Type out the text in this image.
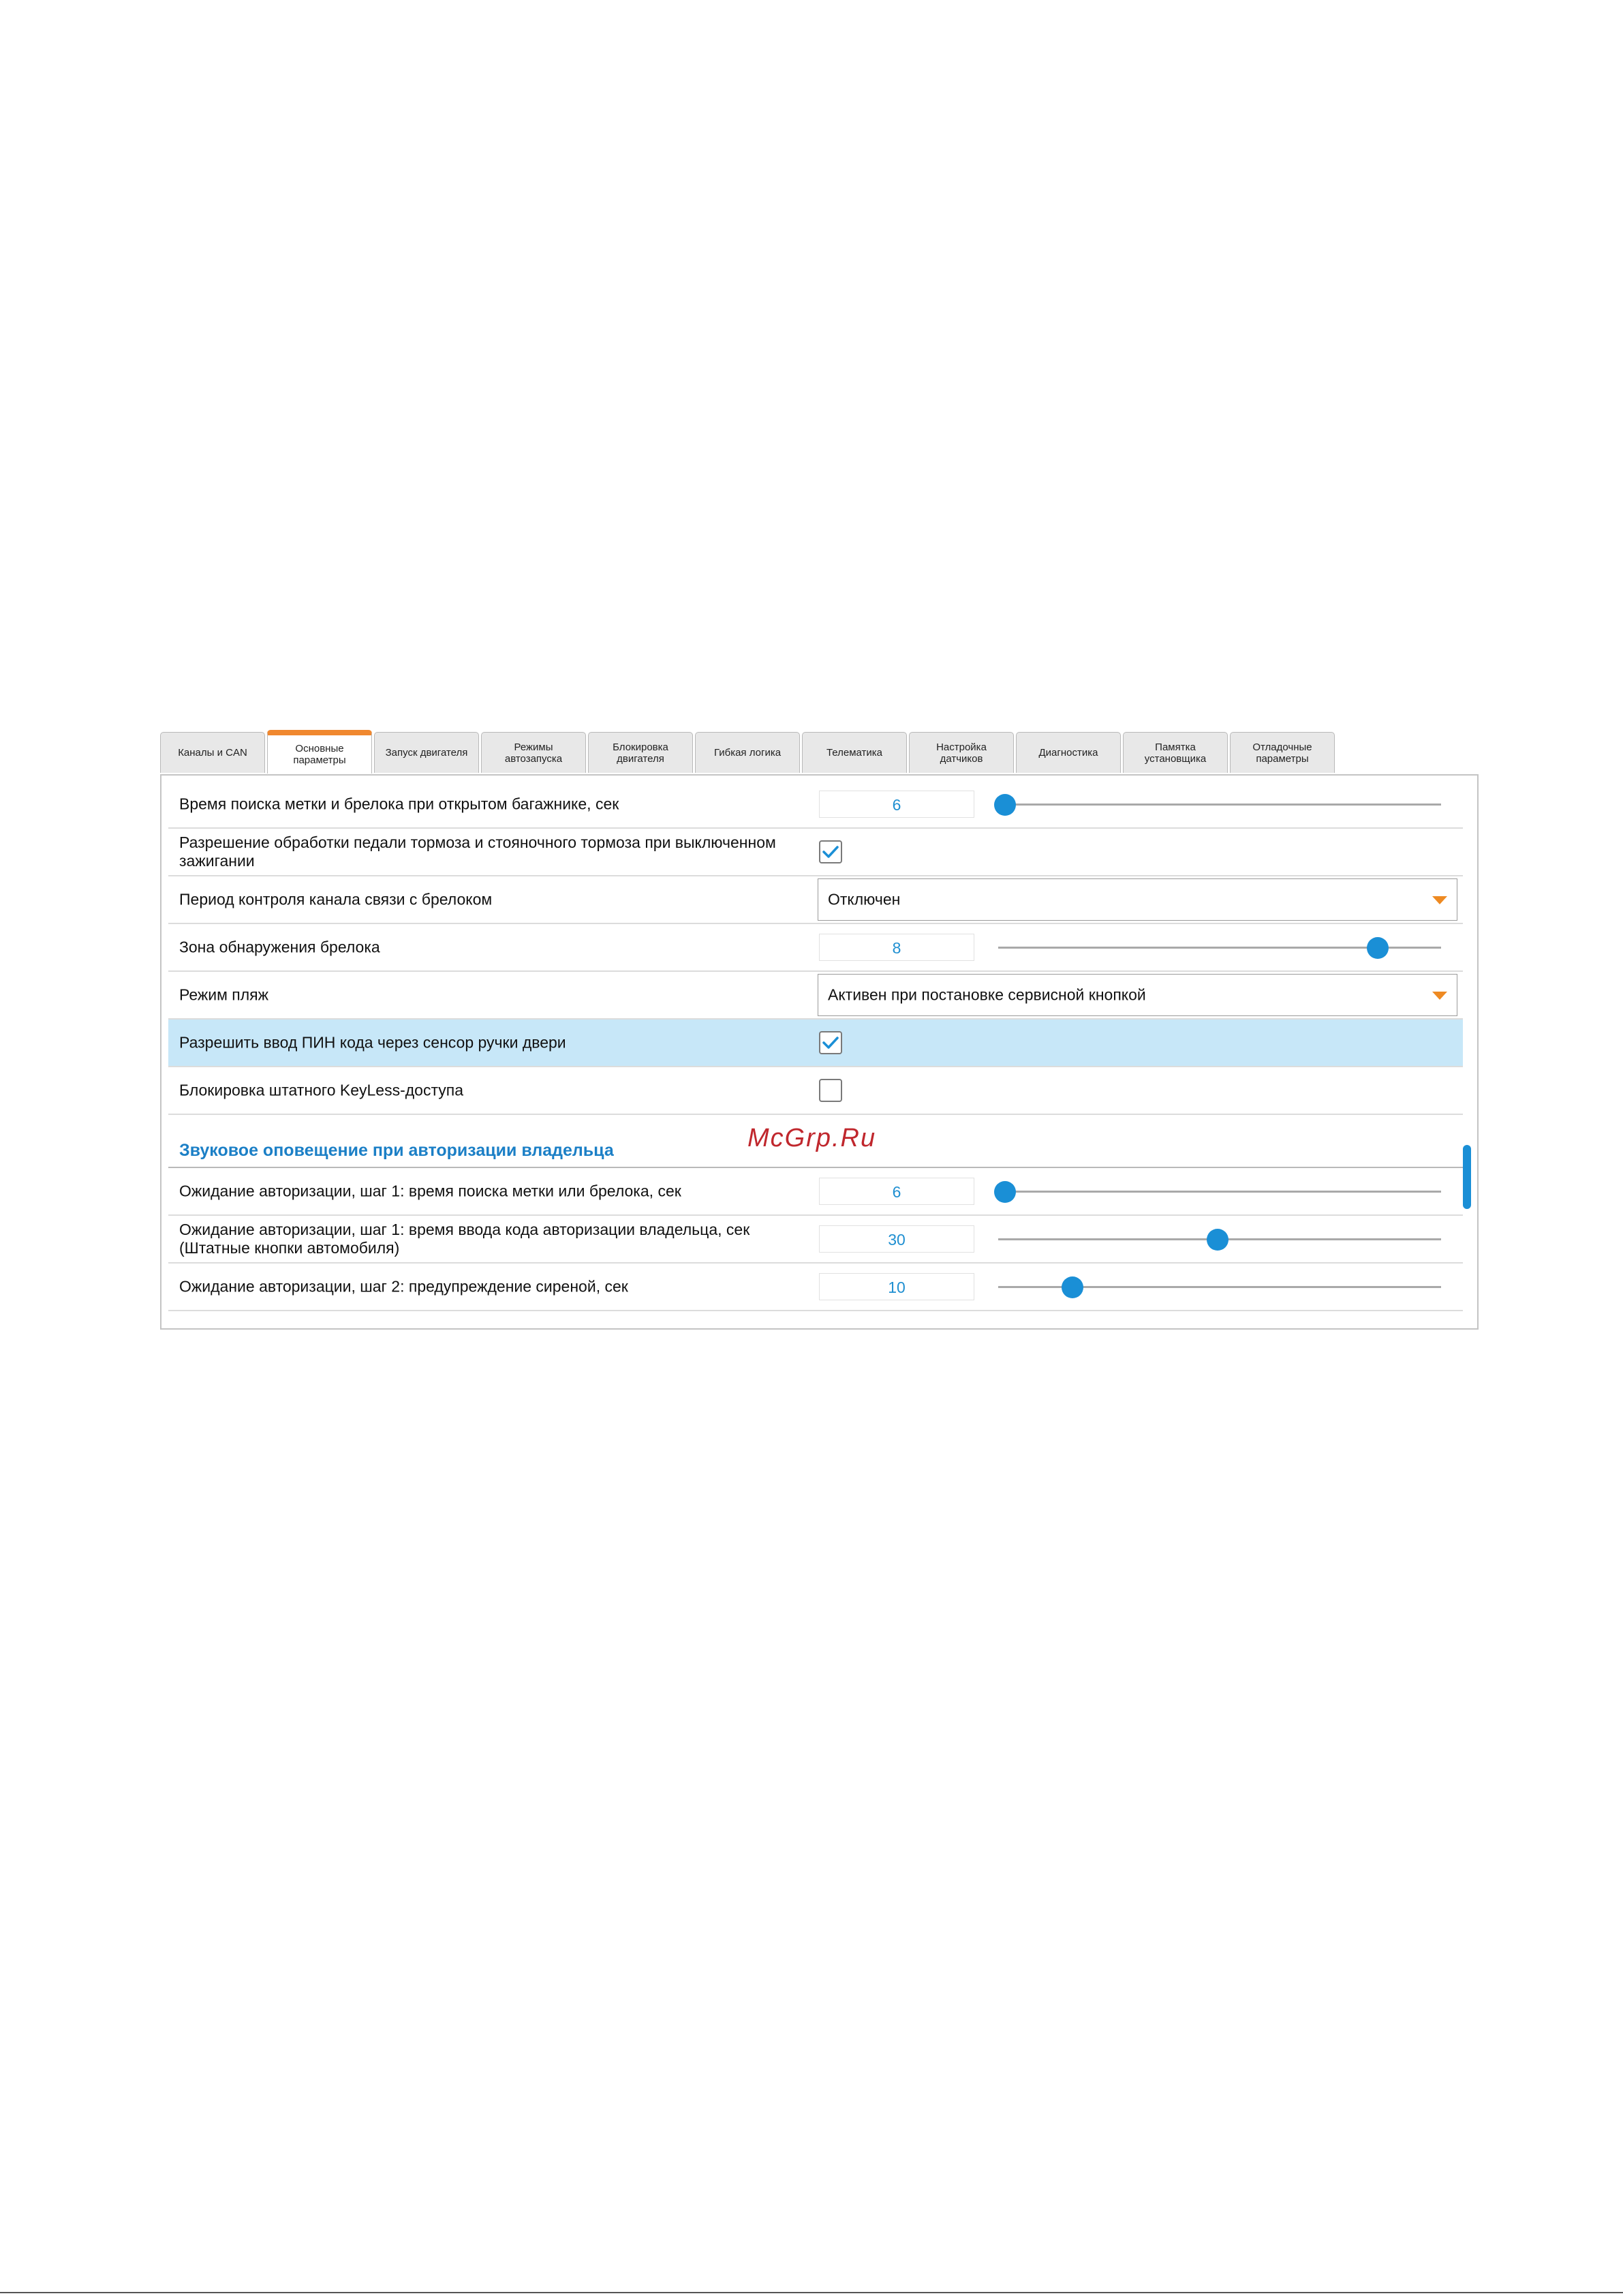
Каналы и CAN	Основные
параметры
Запуск двигателя	Режимы
автозапуска
Блокировка
двигателя	Гибкая логика	Телематика	Настройка
датчиков	Диагностика	Памятка
установщика
Отладочные
параметры
Время поиска метки и брелока при открытом багажнике, сек	6
Разрешение обработки педали тормоза и стояночного тормоза при выключенном
зажигании
Период контроля канала связи с брелоком	Отключен
Зона обнаружения брелока	8
Режим пляж	Активен при постановке сервисной кнопкой
Разрешить ввод ПИН кода через сенсор ручки двери
Блокировка штатного KeyLess-доступа
Звуковое оповещение при авторизации владельца
Ожидание авторизации, шаг 1: время поиска метки или брелока, сек	6
Ожидание авторизации, шаг 1: время ввода кода авторизации владельца, сек
(Штатные кнопки автомобиля)	30
Ожидание авторизации, шаг 2: предупреждение сиреной, сек	10
McGrp.Ru
